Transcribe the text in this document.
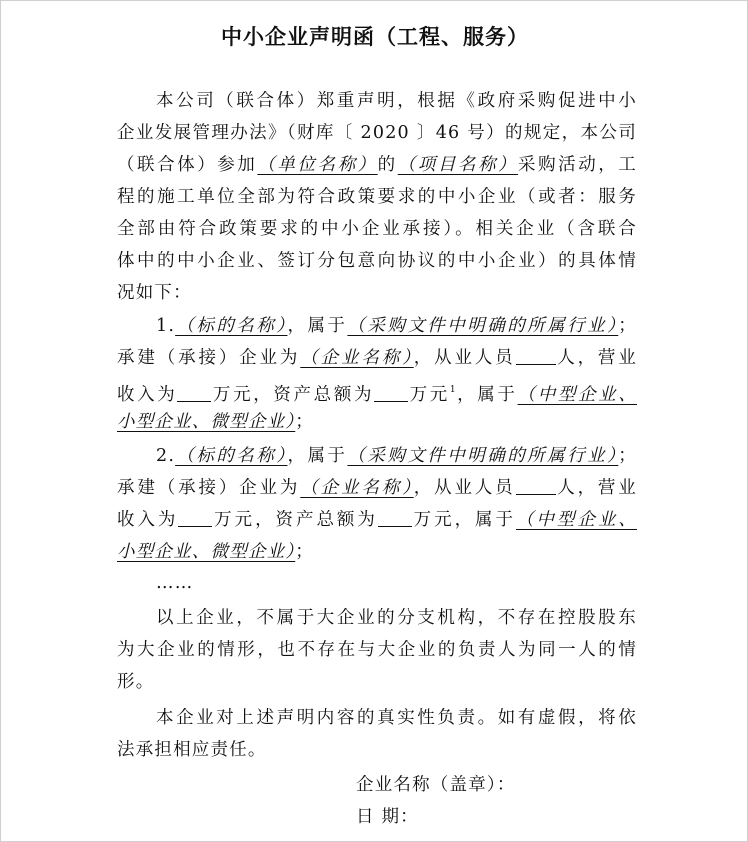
中小企业声明函（工程、服务）
本公司（联合体）郑重声明，根据《政府采购促进中小
企业发展管理办法》（财库〔 2020 〕46 号）的规定，本公司
（联合体）参加（单位名称）的（项目名称）采购活动，工
程的施工单位全部为符合政策要求的中小企业（或者：服务
全部由符合政策要求的中小企业承接）。相关企业（含联合
体中的中小企业、签订分包意向协议的中小企业）的具体情
况如下：
1.（标的名称），属于（采购文件中明确的所属行业）；
承建（承接）企业为（企业名称），从业人员 人，营业
收入为 万元，资产总额为 万元$^1$，属于（中型企业、
小型企业、微型企业）；
2.（标的名称），属于（采购文件中明确的所属行业）；
承建（承接）企业为（企业名称），从业人员 人，营业
收入为 万元，资产总额为 万元，属于（中型企业、
小型企业、微型企业）；
……
以上企业，不属于大企业的分支机构，不存在控股股东
为大企业的情形，也不存在与大企业的负责人为同一人的情
形。
本企业对上述声明内容的真实性负责。如有虚假，将依
法承担相应责任。
企业名称（盖章）：
日 期：
